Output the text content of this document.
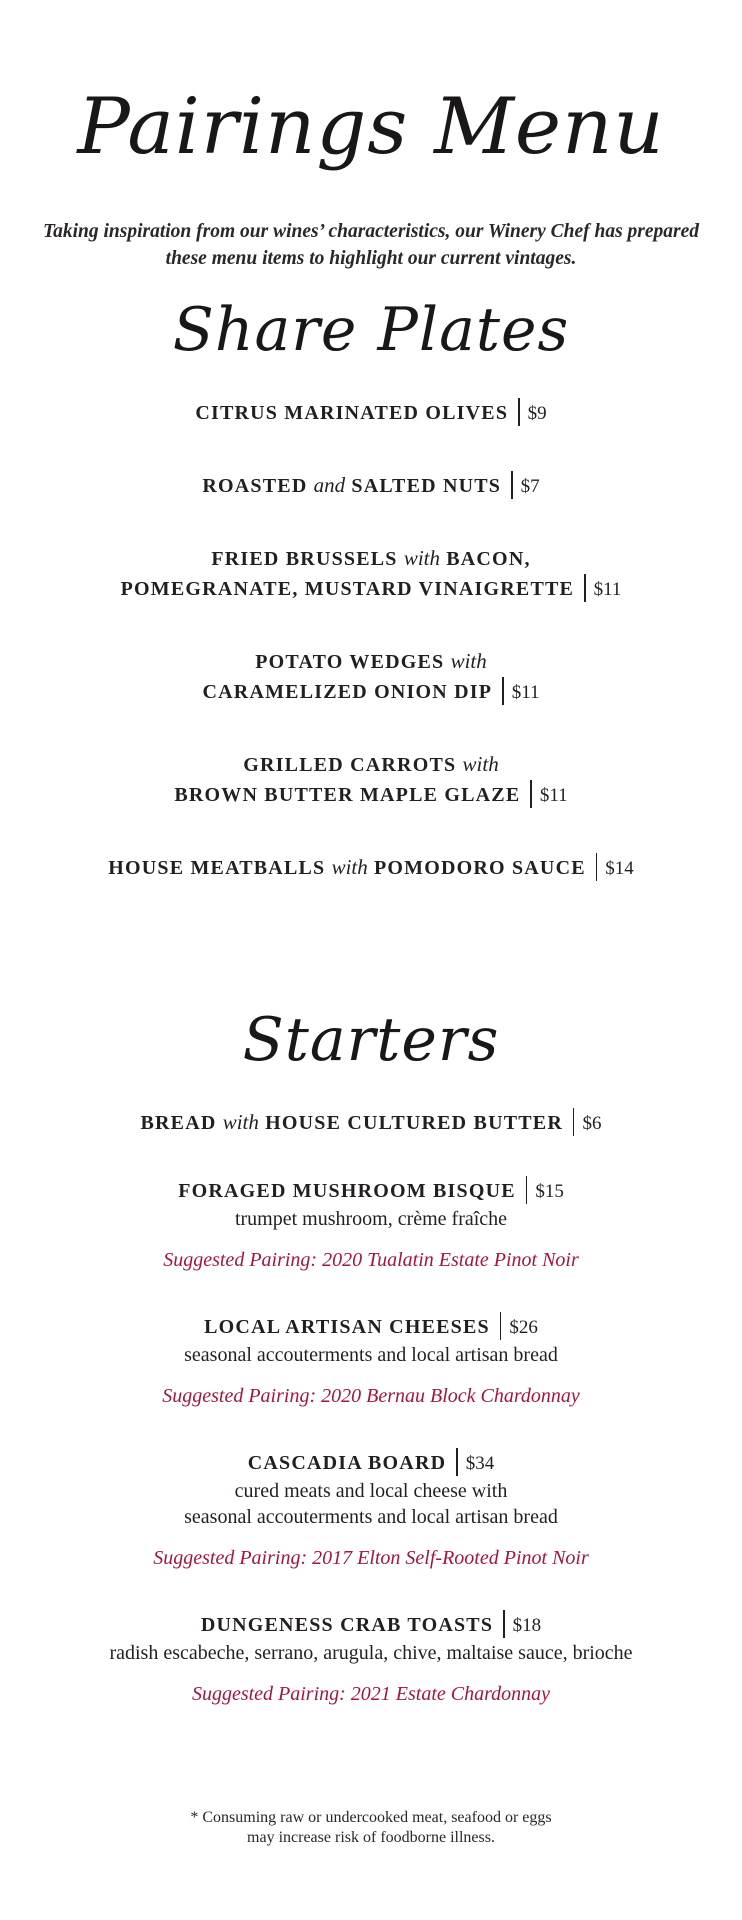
Pairings Menu

Taking inspiration from our wines’ characteristics, our Winery Chef has prepared these menu items to highlight our current vintages.

Share Plates
CITRUS MARINATED OLIVES $9
ROASTED and SALTED NUTS $7
FRIED BRUSSELS with BACON,
POMEGRANATE, MUSTARD VINAIGRETTE $11
POTATO WEDGES with
CARAMELIZED ONION DIP $11
GRILLED CARROTS with
BROWN BUTTER MAPLE GLAZE $11
HOUSE MEATBALLS with POMODORO SAUCE $14
Starters
BREAD with HOUSE CULTURED BUTTER $6
FORAGED MUSHROOM BISQUE $15
trumpet mushroom, crème fraîche
Suggested Pairing: 2020 Tualatin Estate Pinot Noir
LOCAL ARTISAN CHEESES $26
seasonal accouterments and local artisan bread
Suggested Pairing: 2020 Bernau Block Chardonnay
CASCADIA BOARD $34
cured meats and local cheese with
seasonal accouterments and local artisan bread
Suggested Pairing: 2017 Elton Self-Rooted Pinot Noir
DUNGENESS CRAB TOASTS $18
radish escabeche, serrano, arugula, chive, maltaise sauce, brioche
Suggested Pairing: 2021 Estate Chardonnay
* Consuming raw or undercooked meat, seafood or eggs
may increase risk of foodborne illness.
